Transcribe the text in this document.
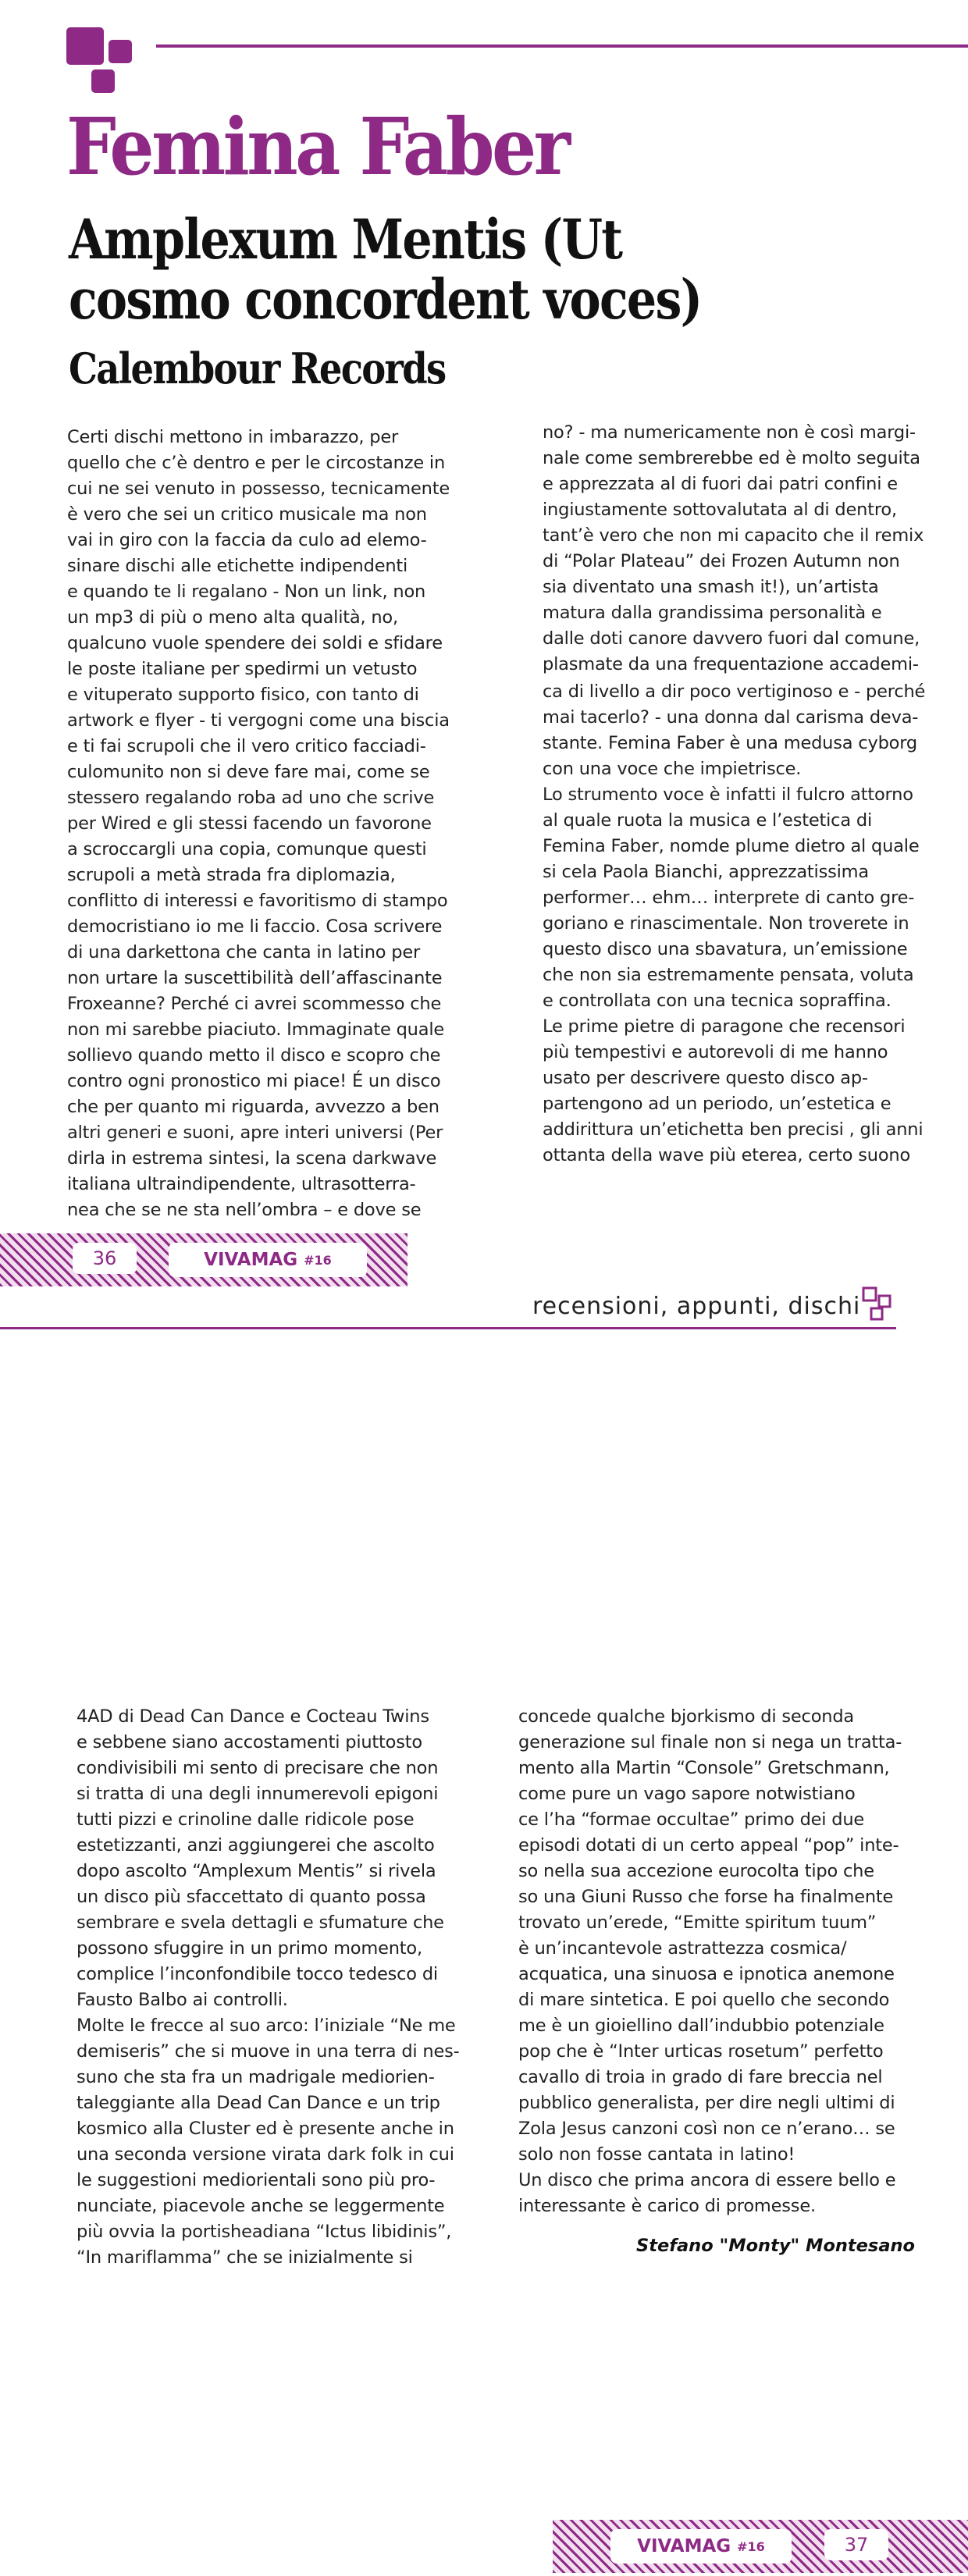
Femina Faber
Amplexum Mentis (Ut cosmo concordent voces)
Calembour Records

Certi dischi mettono in imbarazzo, per

quello che c’è dentro e per le circostanze in

cui ne sei venuto in possesso, tecnicamente

è vero che sei un critico musicale ma non

vai in giro con la faccia da culo ad elemo-

sinare dischi alle etichette indipendenti

e quando te li regalano - Non un link, non

un mp3 di più o meno alta qualità, no,

qualcuno vuole spendere dei soldi e sfidare

le poste italiane per spedirmi un vetusto

e vituperato supporto fisico, con tanto di

artwork e flyer - ti vergogni come una biscia

e ti fai scrupoli che il vero critico facciadi-

culomunito non si deve fare mai, come se

stessero regalando roba ad uno che scrive

per Wired e gli stessi facendo un favorone

a scroccargli una copia, comunque questi

scrupoli a metà strada fra diplomazia,

conflitto di interessi e favoritismo di stampo

democristiano io me li faccio. Cosa scrivere

di una darkettona che canta in latino per

non urtare la suscettibilità dell’affascinante

Froxeanne? Perché ci avrei scommesso che

non mi sarebbe piaciuto. Immaginate quale

sollievo quando metto il disco e scopro che

contro ogni pronostico mi piace! É un disco

che per quanto mi riguarda, avvezzo a ben

altri generi e suoni, apre interi universi (Per

dirla in estrema sintesi, la scena darkwave

italiana ultraindipendente, ultrasotterra-

nea che se ne sta nell’ombra – e dove se

no? - ma numericamente non è così margi-

nale come sembrerebbe ed è molto seguita

e apprezzata al di fuori dai patri confini e

ingiustamente sottovalutata al di dentro,

tant’è vero che non mi capacito che il remix

di “Polar Plateau” dei Frozen Autumn non

sia diventato una smash it!), un’artista

matura dalla grandissima personalità e

dalle doti canore davvero fuori dal comune,

plasmate da una frequentazione accademi-

ca di livello a dir poco vertiginoso e - perché

mai tacerlo? - una donna dal carisma deva-

stante. Femina Faber è una medusa cyborg

con una voce che impietrisce.

Lo strumento voce è infatti il fulcro attorno

al quale ruota la musica e l’estetica di

Femina Faber, nomde plume dietro al quale

si cela Paola Bianchi, apprezzatissima

performer… ehm… interprete di canto gre-

goriano e rinascimentale. Non troverete in

questo disco una sbavatura, un’emissione

che non sia estremamente pensata, voluta

e controllata con una tecnica sopraffina.

Le prime pietre di paragone che recensori

più tempestivi e autorevoli di me hanno

usato per descrivere questo disco ap-

partengono ad un periodo, un’estetica e

addirittura un’etichetta ben precisi , gli anni

ottanta della wave più eterea, certo suono

36	VIVAMAG #16
recensioni, appunti, dischi

4AD di Dead Can Dance e Cocteau Twins

e sebbene siano accostamenti piuttosto

condivisibili mi sento di precisare che non

si tratta di una degli innumerevoli epigoni

tutti pizzi e crinoline dalle ridicole pose

estetizzanti, anzi aggiungerei che ascolto

dopo ascolto “Amplexum Mentis” si rivela

un disco più sfaccettato di quanto possa

sembrare e svela dettagli e sfumature che

possono sfuggire in un primo momento,

complice l’inconfondibile tocco tedesco di

Fausto Balbo ai controlli.

Molte le frecce al suo arco: l’iniziale “Ne me

demiseris” che si muove in una terra di nes-

suno che sta fra un madrigale mediorien-

taleggiante alla Dead Can Dance e un trip

kosmico alla Cluster ed è presente anche in

una seconda versione virata dark folk in cui

le suggestioni mediorientali sono più pro-

nunciate, piacevole anche se leggermente

più ovvia la portisheadiana “Ictus libidinis”,

“In mariflamma” che se inizialmente si

concede qualche bjorkismo di seconda

generazione sul finale non si nega un tratta-

mento alla Martin “Console” Gretschmann,

come pure un vago sapore notwistiano

ce l’ha “formae occultae” primo dei due

episodi dotati di un certo appeal “pop” inte-

so nella sua accezione eurocolta tipo che

so una Giuni Russo che forse ha finalmente

trovato un’erede, “Emitte spiritum tuum”

è un’incantevole astrattezza cosmica/

acquatica, una sinuosa e ipnotica anemone

di mare sintetica. E poi quello che secondo

me è un gioiellino dall’indubbio potenziale

pop che è “Inter urticas rosetum” perfetto

cavallo di troia in grado di fare breccia nel

pubblico generalista, per dire negli ultimi di

Zola Jesus canzoni così non ce n’erano… se

solo non fosse cantata in latino!

Un disco che prima ancora di essere bello e

interessante è carico di promesse.

Stefano "Monty" Montesano
VIVAMAG #16	37
